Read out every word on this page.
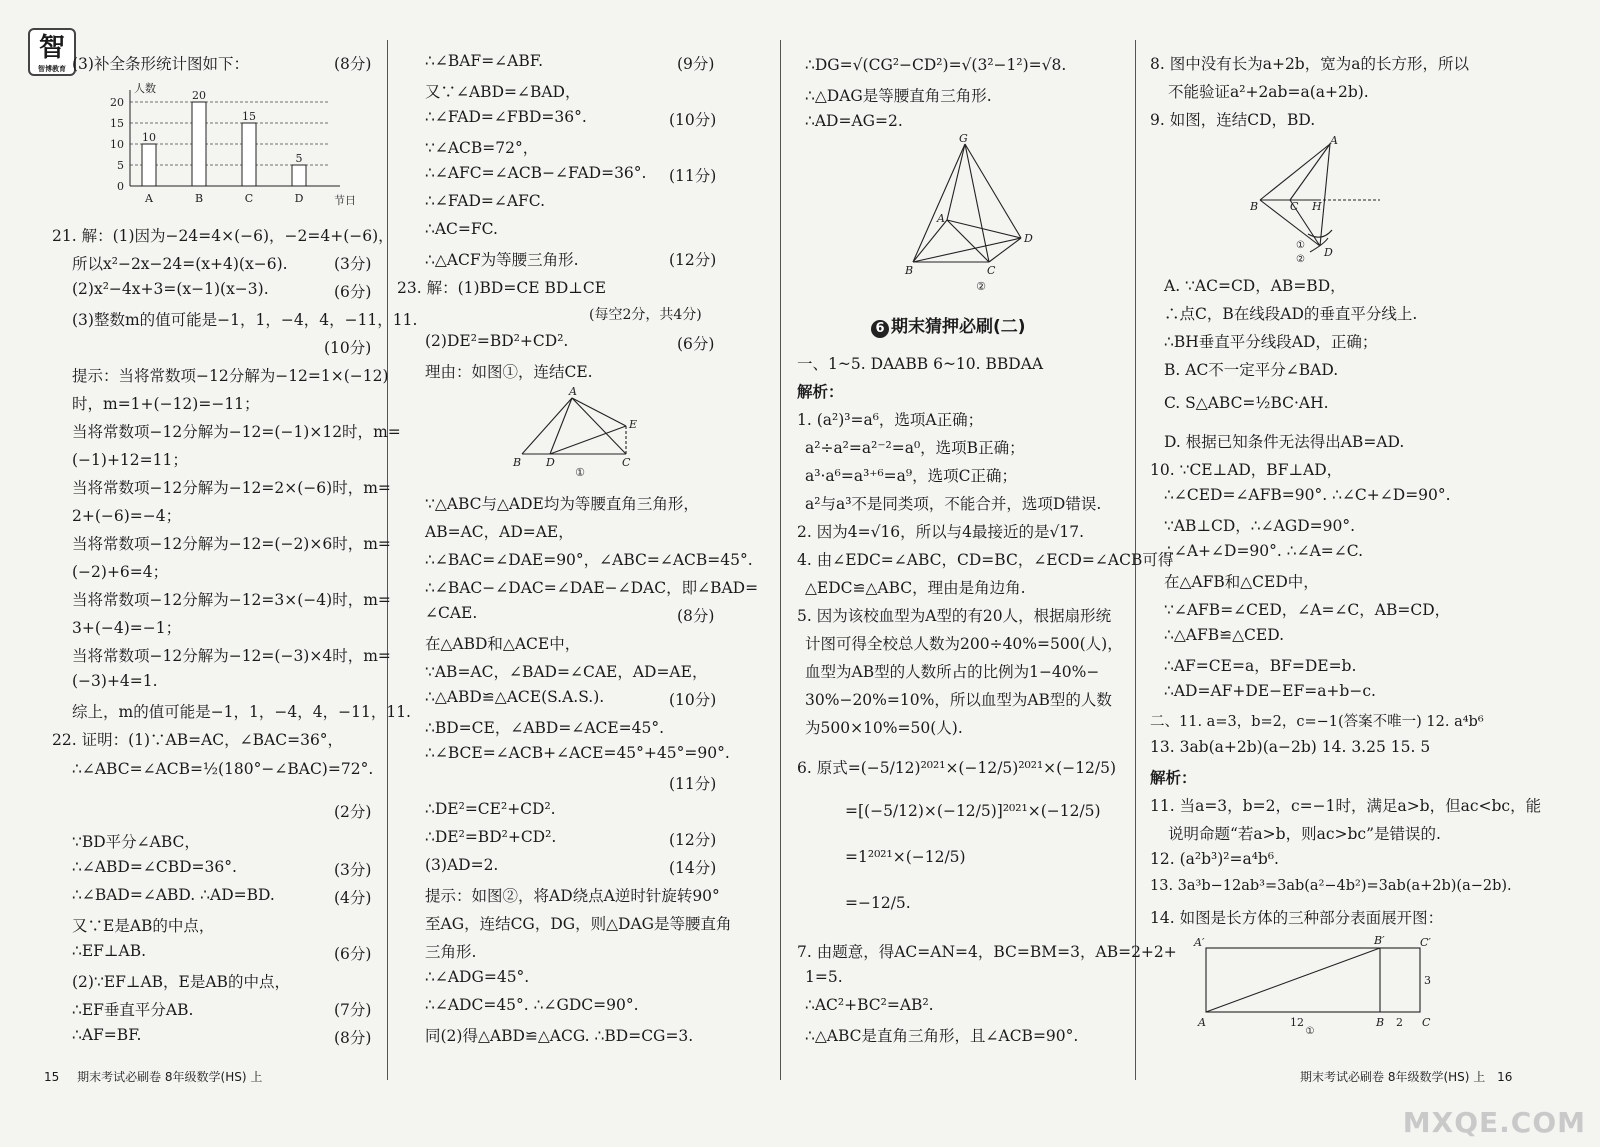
智
智博教育 (3)补全条形统计图如下：	(8分)
0
5
10
15
20
人数
节日
10
A
20
B
15
C
5
D
21. 解：(1)因为−24=4×(−6)，−2=4+(−6)，
所以x²−2x−24=(x+4)(x−6).	(3分)
(2)x²−4x+3=(x−1)(x−3).	(6分)
(3)整数m的值可能是−1，1，−4，4，−11，11.
(10分)
提示：当将常数项−12分解为−12=1×(−12)
时，m=1+(−12)=−11；
当将常数项−12分解为−12=(−1)×12时，m=
(−1)+12=11；
当将常数项−12分解为−12=2×(−6)时，m=
2+(−6)=−4；
当将常数项−12分解为−12=(−2)×6时，m=
(−2)+6=4；
当将常数项−12分解为−12=3×(−4)时，m=
3+(−4)=−1；
当将常数项−12分解为−12=(−3)×4时，m=
(−3)+4=1.
综上，m的值可能是−1，1，−4，4，−11，11.
22. 证明：(1)∵AB=AC，∠BAC=36°，
∴∠ABC=∠ACB=½(180°−∠BAC)=72°.
(2分)
∵BD平分∠ABC，
∴∠ABD=∠CBD=36°.	(3分)
∴∠BAD=∠ABD. ∴AD=BD.	(4分)
又∵E是AB的中点，
∴EF⊥AB.	(6分)
(2)∵EF⊥AB，E是AB的中点，
∴EF垂直平分AB.	(7分)
∴AF=BF.	(8分)
∴∠BAF=∠ABF.	(9分)
又∵∠ABD=∠BAD，
∴∠FAD=∠FBD=36°.	(10分)
∵∠ACB=72°，
∴∠AFC=∠ACB−∠FAD=36°. (11分)
∴∠FAD=∠AFC.
∴AC=FC.
∴△ACF为等腰三角形.	(12分)
23. 解：(1)BD=CE BD⊥CE
(每空2分，共4分)
(2)DE²=BD²+CD².	(6分)
理由：如图①，连结CE.
A
B D	C
E
①
∵△ABC与△ADE均为等腰直角三角形，
AB=AC，AD=AE，
∴∠BAC=∠DAE=90°，∠ABC=∠ACB=45°.
∴∠BAC−∠DAC=∠DAE−∠DAC，即∠BAD=
∠CAE.	(8分)
在△ABD和△ACE中，
∵AB=AC，∠BAD=∠CAE，AD=AE，
∴△ABD≌△ACE(S.A.S.).	(10分)
∴BD=CE，∠ABD=∠ACE=45°.
∴∠BCE=∠ACB+∠ACE=45°+45°=90°.
(11分)
∴DE²=CE²+CD².
∴DE²=BD²+CD².	(12分)
(3)AD=2.	(14分)
提示：如图②，将AD绕点A逆时针旋转90°
至AG，连结CG，DG，则△DAG是等腰直角
三角形.
∴∠ADG=45°.
∴∠ADC=45°. ∴∠GDC=90°.
同(2)得△ABD≌△ACG. ∴BD=CG=3.
∴DG=√(CG²−CD²)=√(3²−1²)=√8.
∴△DAG是等腰直角三角形.
∴AD=AG=2.
G
A
B	C
D
②
6 期末猜押必刷(二)
一、1~5. DAABB 6~10. BBDAA
解析：
1. (a²)³=a⁶，选项A正确；
a²÷a²=a²⁻²=a⁰，选项B正确；
a³·a⁶=a³⁺⁶=a⁹，选项C正确；
a²与a³不是同类项，不能合并，选项D错误.
2. 因为4=√16，所以与4最接近的是√17.
4. 由∠EDC=∠ABC，CD=BC，∠ECD=∠ACB可得
△EDC≌△ABC，理由是角边角.
5. 因为该校血型为A型的有20人，根据扇形统
计图可得全校总人数为200÷40%=500(人)，
血型为AB型的人数所占的比例为1−40%−
30%−20%=10%，所以血型为AB型的人数
为500×10%=50(人).
6. 原式=(−5/12)²⁰²¹×(−12/5)²⁰²¹×(−12/5)
=[(−5/12)×(−12/5)]²⁰²¹×(−12/5)
=1²⁰²¹×(−12/5)
=−12/5.
7. 由题意，得AC=AN=4，BC=BM=3，AB=2+2+
1=5.
∴AC²+BC²=AB².
∴△ABC是直角三角形，且∠ACB=90°.
8. 图中没有长为a+2b，宽为a的长方形，所以
不能验证a²+2ab=a(a+2b).
9. 如图，连结CD，BD.
A
B	C H
D
①
②
A. ∵AC=CD，AB=BD，
∴点C，B在线段AD的垂直平分线上.
∴BH垂直平分线段AD，正确；
B. AC不一定平分∠BAD.
C. S△ABC=½BC·AH.
D. 根据已知条件无法得出AB=AD.
10. ∵CE⊥AD，BF⊥AD，
∴∠CED=∠AFB=90°. ∴∠C+∠D=90°.
∵AB⊥CD，∴∠AGD=90°.
∴∠A+∠D=90°. ∴∠A=∠C.
在△AFB和△CED中，
∵∠AFB=∠CED，∠A=∠C，AB=CD，
∴△AFB≌△CED.
∴AF=CE=a，BF=DE=b.
∴AD=AF+DE−EF=a+b−c.
二、11. a=3，b=2，c=−1(答案不唯一) 12. a⁴b⁶
13. 3ab(a+2b)(a−2b) 14. 3.25 15. 5
解析：
11. 当a=3，b=2，c=−1时，满足a>b，但ac<bc，能
说明命题“若a>b，则ac>bc”是错误的.
12. (a²b³)²=a⁴b⁶.
13. 3a³b−12ab³=3ab(a²−4b²)=3ab(a+2b)(a−2b).
14. 如图是长方体的三种部分表面展开图：
A′	B′	C′
A	B	C
12	2
3
①
15 期末考试必刷卷 8年级数学(HS) 上	期末考试必刷卷 8年级数学(HS) 上 16
MXQE.COM
